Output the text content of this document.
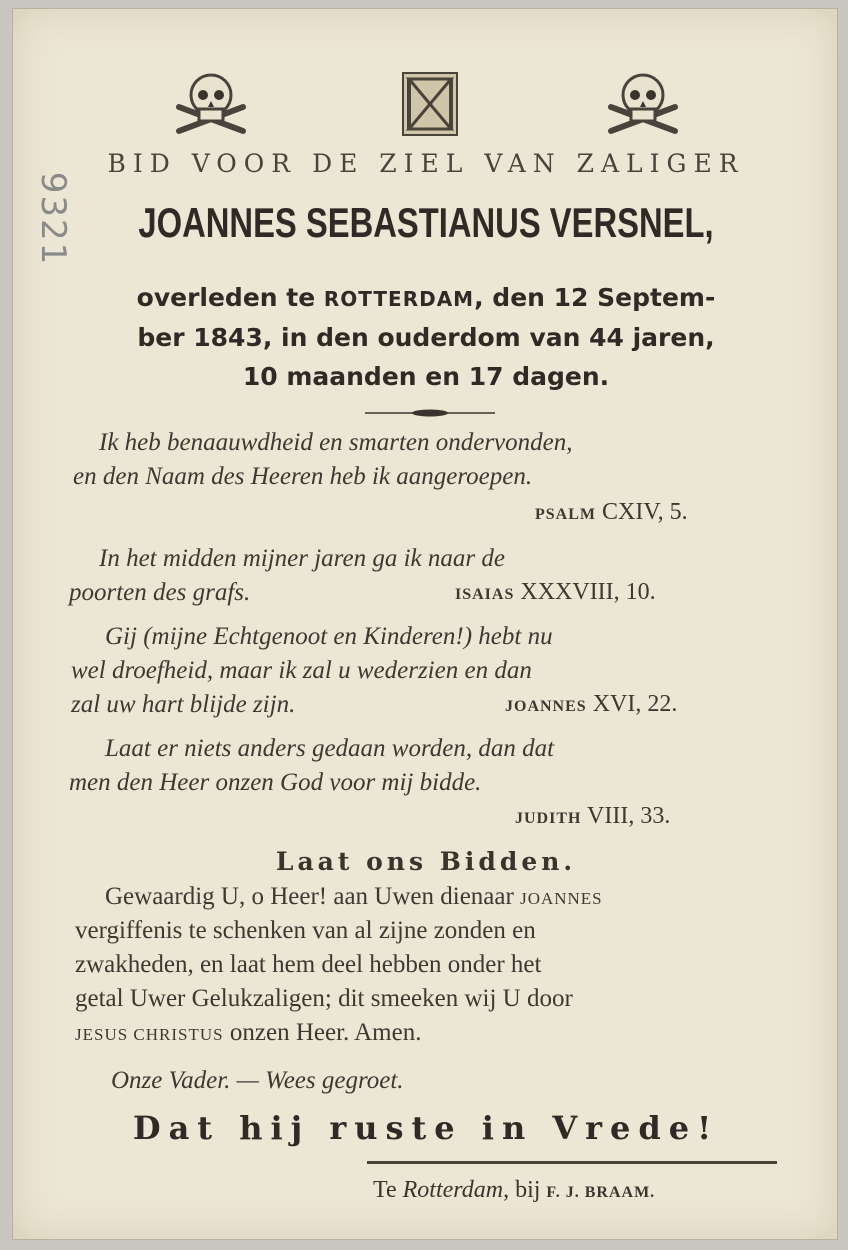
9321
BID VOOR DE ZIEL VAN ZALIGER
JOANNES SEBASTIANUS VERSNEL,
overleden te ROTTERDAM, den 12 Septem-
ber 1843, in den ouderdom van 44 jaren,
10 maanden en 17 dagen.
Ik heb benaauwdheid en smarten ondervonden,
en den Naam des Heeren heb ik aangeroepen.
PSALM CXIV, 5.
In het midden mijner jaren ga ik naar de
poorten des grafs.	ISAIAS XXXVIII, 10.
Gij (mijne Echtgenoot en Kinderen!) hebt nu
wel droefheid, maar ik zal u wederzien en dan
zal uw hart blijde zijn.	JOANNES XVI, 22.
Laat er niets anders gedaan worden, dan dat
men den Heer onzen God voor mij bidde.
JUDITH VIII, 33.
Laat ons Bidden.
Gewaardig U, o Heer! aan Uwen dienaar JOANNES
vergiffenis te schenken van al zijne zonden en
zwakheden, en laat hem deel hebben onder het
getal Uwer Gelukzaligen; dit smeeken wij U door
JESUS CHRISTUS onzen Heer. Amen.
Onze Vader. — Wees gegroet.
Dat hij ruste in Vrede!
Te Rotterdam, bij F. J. BRAAM.
